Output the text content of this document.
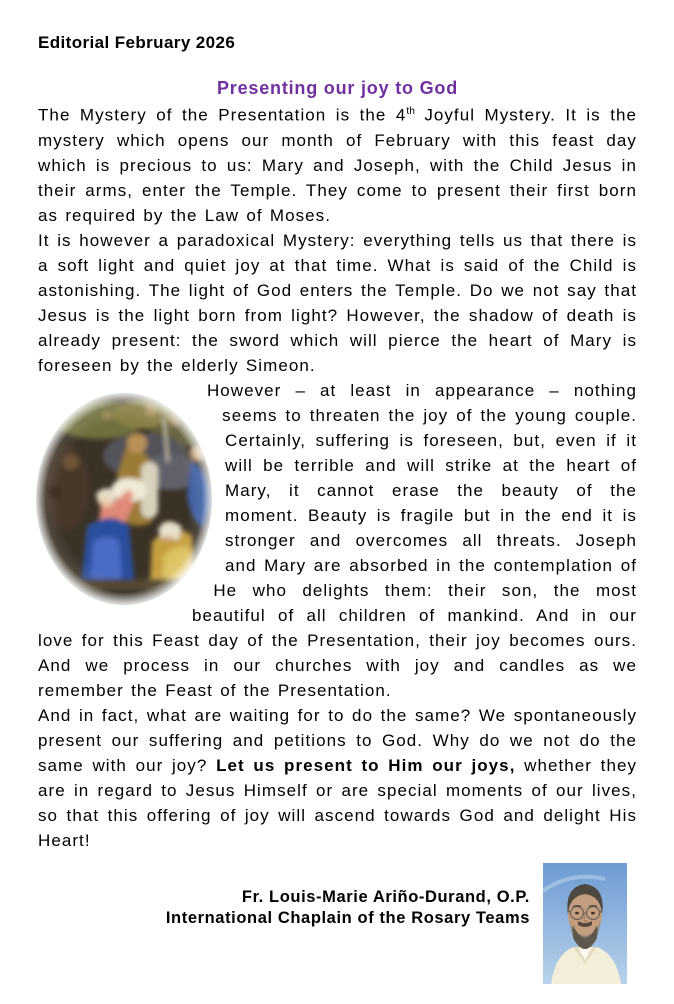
Editorial February 2026
Presenting our joy to God

The Mystery of the Presentation is the 4th Joyful Mystery. It is the mystery which opens our month of February with this feast day which is precious to us: Mary and Joseph, with the Child Jesus in their arms, enter the Temple. They come to present their first born as required by the Law of Moses.

It is however a paradoxical Mystery: everything tells us that there is a soft light and quiet joy at that time. What is said of the Child is astonishing. The light of God enters the Temple. Do we not say that Jesus is the light born from light? However, the shadow of death is already present: the sword which will pierce the heart of Mary is foreseen by the elderly Simeon.

However – at least in appearance – nothing seems to threaten the joy of the young couple. Certainly, suffering is foreseen, but, even if it will be terrible and will strike at the heart of Mary, it cannot erase the beauty of the moment. Beauty is fragile but in the end it is stronger and overcomes all threats. Joseph and Mary are absorbed in the contemplation of He who delights them: their son, the most beautiful of all children of mankind. And in our love for this Feast day of the Presentation, their joy becomes ours. And we process in our churches with joy and candles as we remember the Feast of the Presentation.

And in fact, what are waiting for to do the same? We spontaneously present our suffering and petitions to God. Why do we not do the same with our joy? Let us present to Him our joys, whether they are in regard to Jesus Himself or are special moments of our lives, so that this offering of joy will ascend towards God and delight His Heart!

Fr. Louis-Marie Ariño-Durand, O.P.
International Chaplain of the Rosary Teams
